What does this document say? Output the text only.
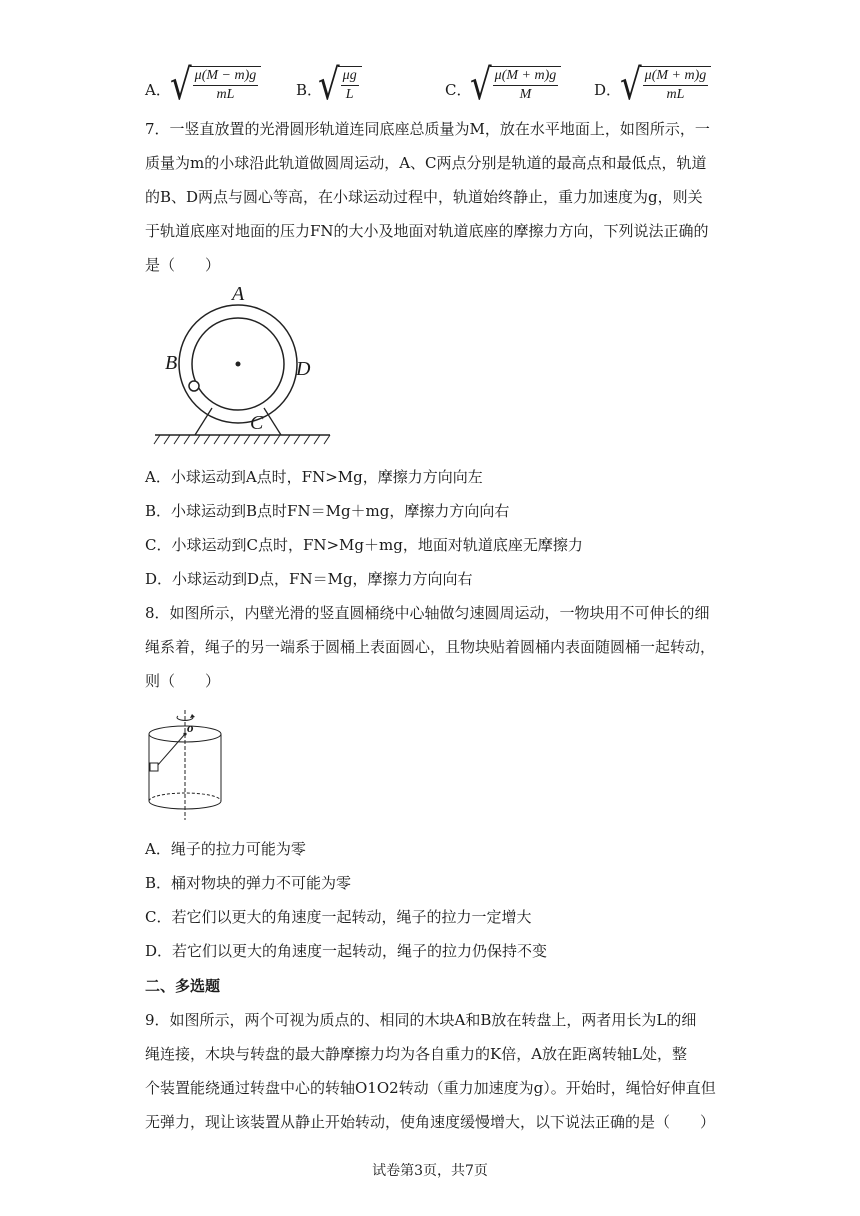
A． √
$\frac{\mu(M - m)g}{mL}$ B．
√
$\frac{\mu g}{L}$	C．
√
$\frac{\mu(M + m)g}{M}$ D．
√
$\frac{\mu(M + m)g}{mL}$
7．一竖直放置的光滑圆形轨道连同底座总质量为M，放在水平地面上，如图所示，一
质量为m的小球沿此轨道做圆周运动，A、C两点分别是轨道的最高点和最低点，轨道
的B、D两点与圆心等高，在小球运动过程中，轨道始终静止，重力加速度为g，则关
于轨道底座对地面的压力FN的大小及地面对轨道底座的摩擦力方向，下列说法正确的
是（　　）
A
B
C
D
A．小球运动到A点时，FN>Mg，摩擦力方向向左
B．小球运动到B点时FN＝Mg＋mg，摩擦力方向向右
C．小球运动到C点时，FN>Mg＋mg，地面对轨道底座无摩擦力
D．小球运动到D点，FN＝Mg，摩擦力方向向右
8．如图所示，内壁光滑的竖直圆桶绕中心轴做匀速圆周运动，一物块用不可伸长的细
绳系着，绳子的另一端系于圆桶上表面圆心，且物块贴着圆桶内表面随圆桶一起转动，
则（　　）
o
A．绳子的拉力可能为零
B．桶对物块的弹力不可能为零
C．若它们以更大的角速度一起转动，绳子的拉力一定增大
D．若它们以更大的角速度一起转动，绳子的拉力仍保持不变
二、多选题
9．如图所示，两个可视为质点的、相同的木块A和B放在转盘上，两者用长为L的细
绳连接，木块与转盘的最大静摩擦力均为各自重力的K倍，A放在距离转轴L处，整
个装置能绕通过转盘中心的转轴O1O2转动（重力加速度为g）。开始时，绳恰好伸直但
无弹力，现让该装置从静止开始转动，使角速度缓慢增大，以下说法正确的是（　　）
试卷第3页，共7页
